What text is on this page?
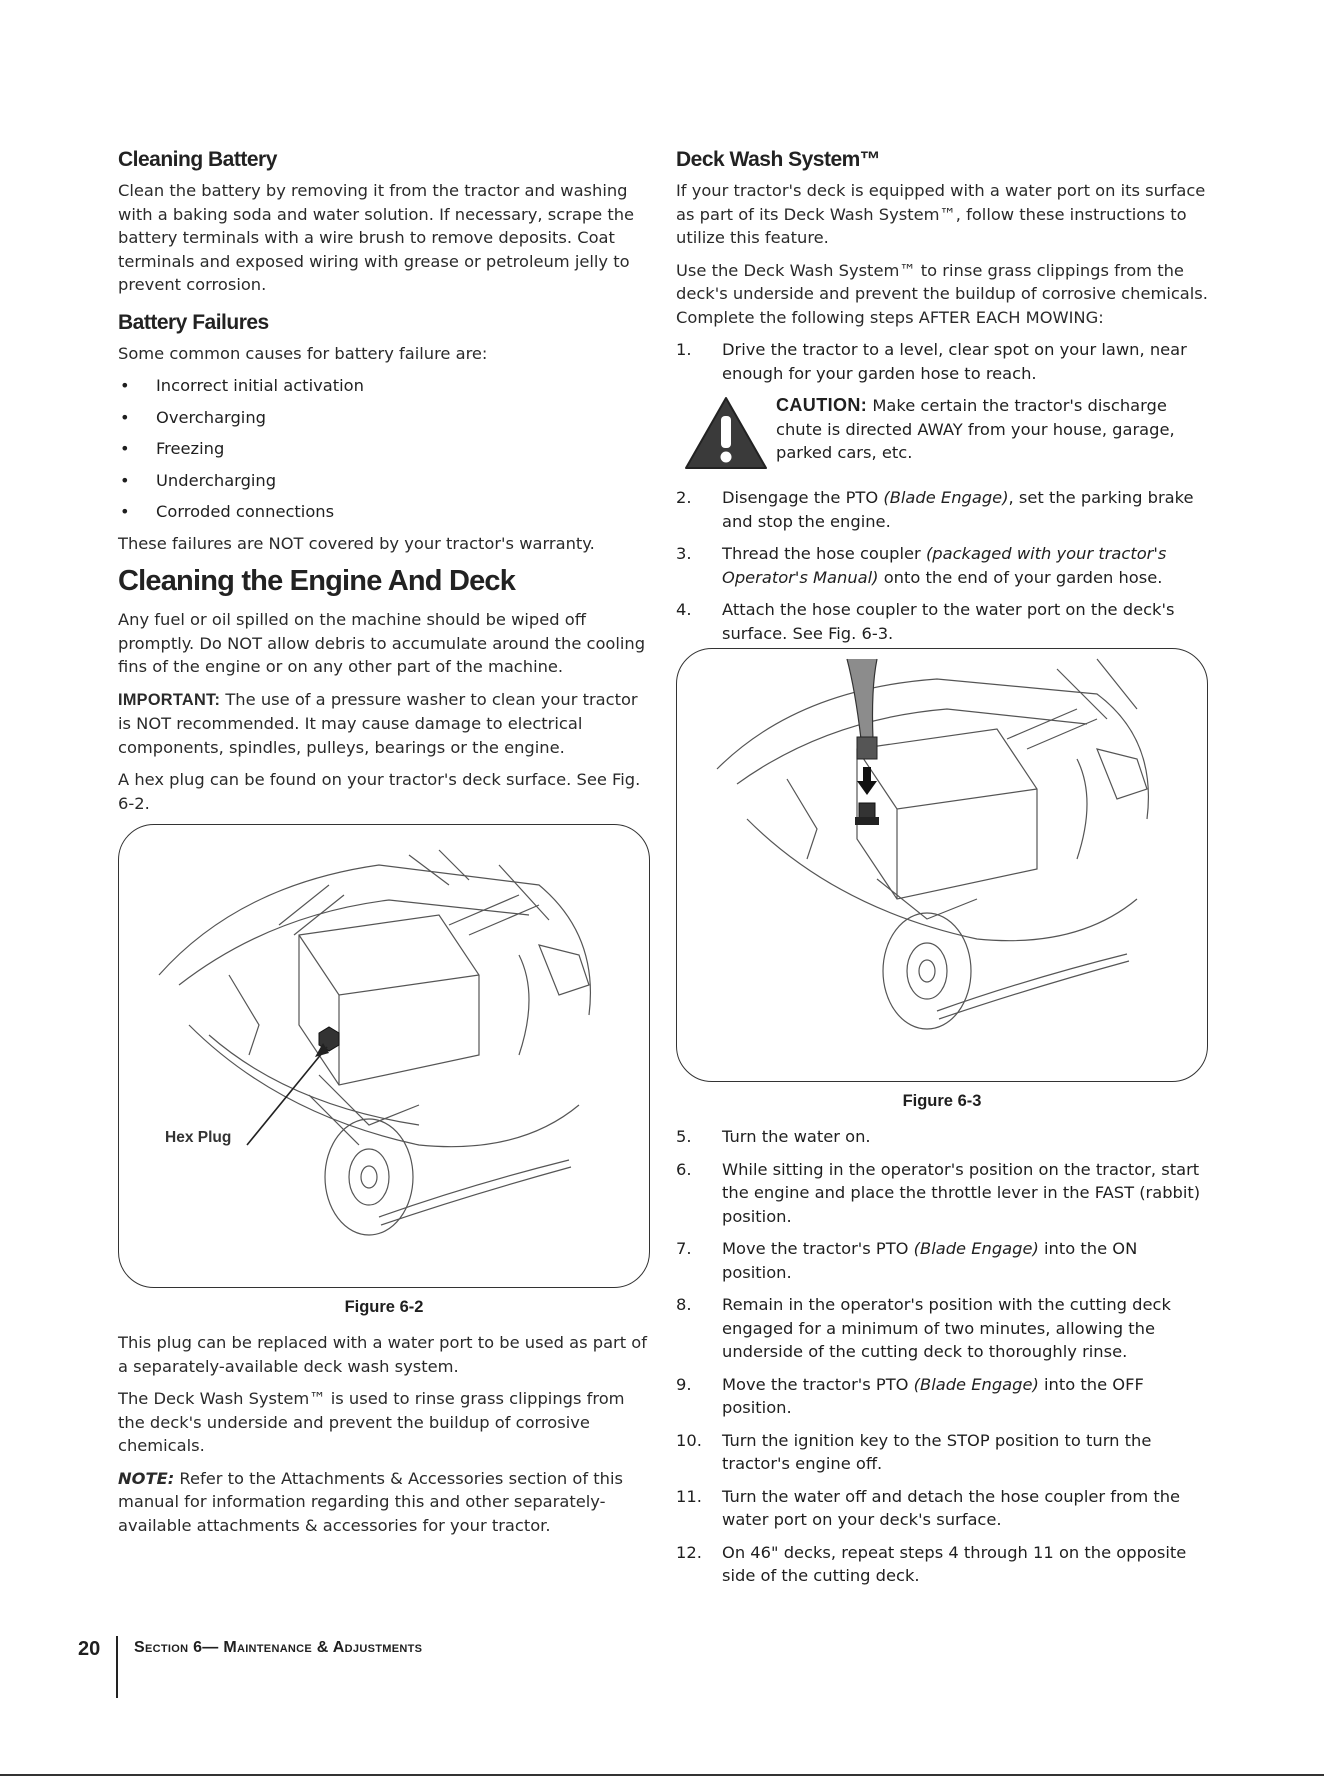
Cleaning Battery

Clean the battery by removing it from the tractor and washing with a baking soda and water solution. If necessary, scrape the battery terminals with a wire brush to remove deposits. Coat terminals and exposed wiring with grease or petroleum jelly to prevent corrosion.

Battery Failures

Some common causes for battery failure are:

•	Incorrect initial activation
•	Overcharging
•	Freezing
•	Undercharging
•	Corroded connections

These failures are NOT covered by your tractor's warranty.

Cleaning the Engine And Deck

Any fuel or oil spilled on the machine should be wiped off promptly. Do NOT allow debris to accumulate around the cooling fins of the engine or on any other part of the machine.

IMPORTANT: The use of a pressure washer to clean your tractor is NOT recommended. It may cause damage to electrical components, spindles, pulleys, bearings or the engine.

A hex plug can be found on your tractor's deck surface. See Fig. 6-2.

Hex Plug
Figure 6-2

This plug can be replaced with a water port to be used as part of a separately-available deck wash system.

The Deck Wash System™ is used to rinse grass clippings from the deck's underside and prevent the buildup of corrosive chemicals.

NOTE: Refer to the Attachments & Accessories section of this manual for information regarding this and other separately-available attachments & accessories for your tractor.

Deck Wash System™

If your tractor's deck is equipped with a water port on its surface as part of its Deck Wash System™, follow these instructions to utilize this feature.

Use the Deck Wash System™ to rinse grass clippings from the deck's underside and prevent the buildup of corrosive chemicals. Complete the following steps AFTER EACH MOWING:

1.	Drive the tractor to a level, clear spot on your lawn, near enough for your garden hose to reach.
CAUTION: Make certain the tractor's discharge chute is directed AWAY from your house, garage, parked cars, etc.
2.	Disengage the PTO (Blade Engage), set the parking brake and stop the engine.
3.	Thread the hose coupler (packaged with your tractor's Operator's Manual) onto the end of your garden hose.
4.	Attach the hose coupler to the water port on the deck's surface. See Fig. 6-3.
Figure 6-3
5.	Turn the water on.
6.	While sitting in the operator's position on the tractor, start the engine and place the throttle lever in the FAST (rabbit) position.
7.	Move the tractor's PTO (Blade Engage) into the ON position.
8.	Remain in the operator's position with the cutting deck engaged for a minimum of two minutes, allowing the underside of the cutting deck to thoroughly rinse.
9.	Move the tractor's PTO (Blade Engage) into the OFF position.
10.	Turn the ignition key to the STOP position to turn the tractor's engine off.
11.	Turn the water off and detach the hose coupler from the water port on your deck's surface.
12.	On 46" decks, repeat steps 4 through 11 on the opposite side of the cutting deck.
20	Section 6— Maintenance & Adjustments
